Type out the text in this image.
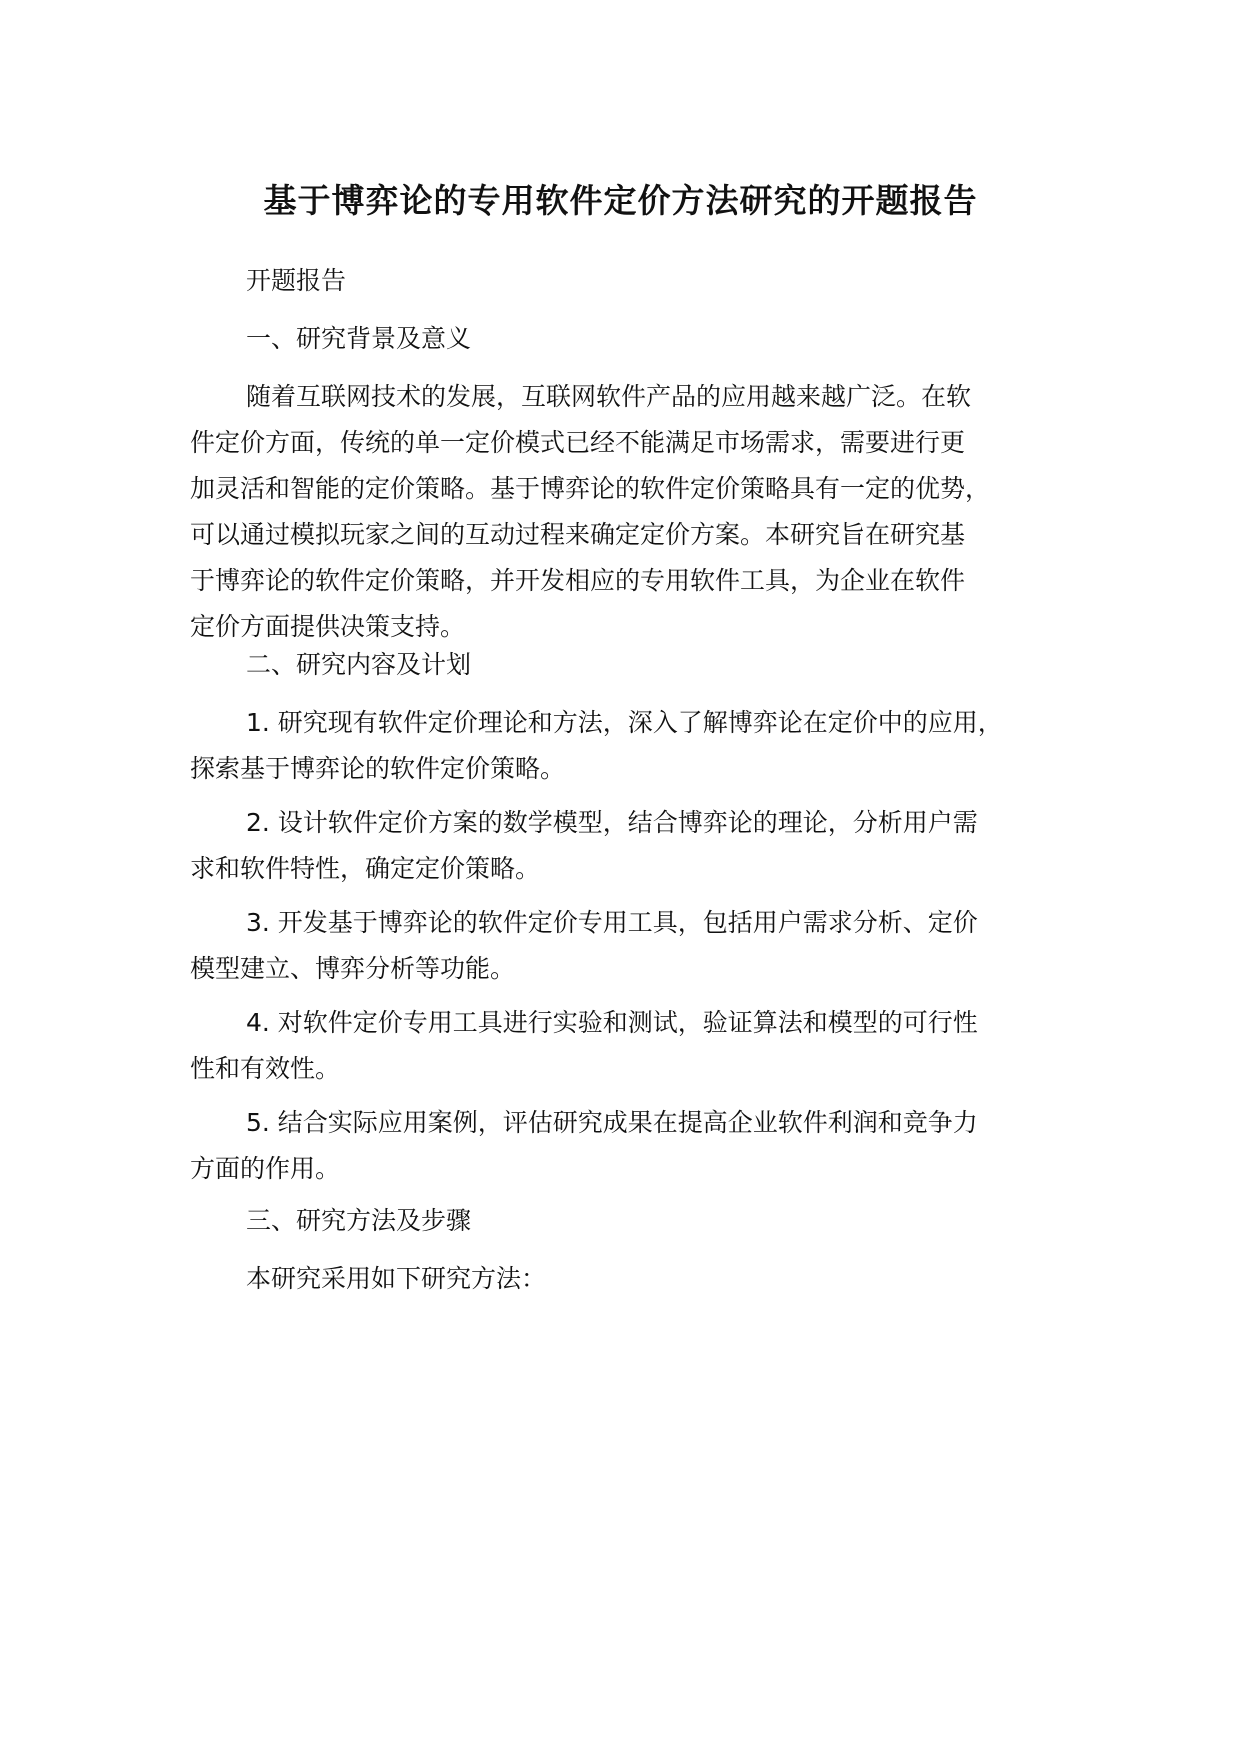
基于博弈论的专用软件定价方法研究的开题报告

开题报告

一、研究背景及意义

随着互联网技术的发展，互联网软件产品的应用越来越广泛。在软
件定价方面，传统的单一定价模式已经不能满足市场需求，需要进行更
加灵活和智能的定价策略。基于博弈论的软件定价策略具有一定的优势，
可以通过模拟玩家之间的互动过程来确定定价方案。本研究旨在研究基
于博弈论的软件定价策略，并开发相应的专用软件工具，为企业在软件
定价方面提供决策支持。

二、研究内容及计划

1. 研究现有软件定价理论和方法，深入了解博弈论在定价中的应用，
探索基于博弈论的软件定价策略。

2. 设计软件定价方案的数学模型，结合博弈论的理论，分析用户需
求和软件特性，确定定价策略。

3. 开发基于博弈论的软件定价专用工具，包括用户需求分析、定价
模型建立、博弈分析等功能。

4. 对软件定价专用工具进行实验和测试，验证算法和模型的可行性
性和有效性。

5. 结合实际应用案例，评估研究成果在提高企业软件利润和竞争力
方面的作用。

三、研究方法及步骤

本研究采用如下研究方法：
